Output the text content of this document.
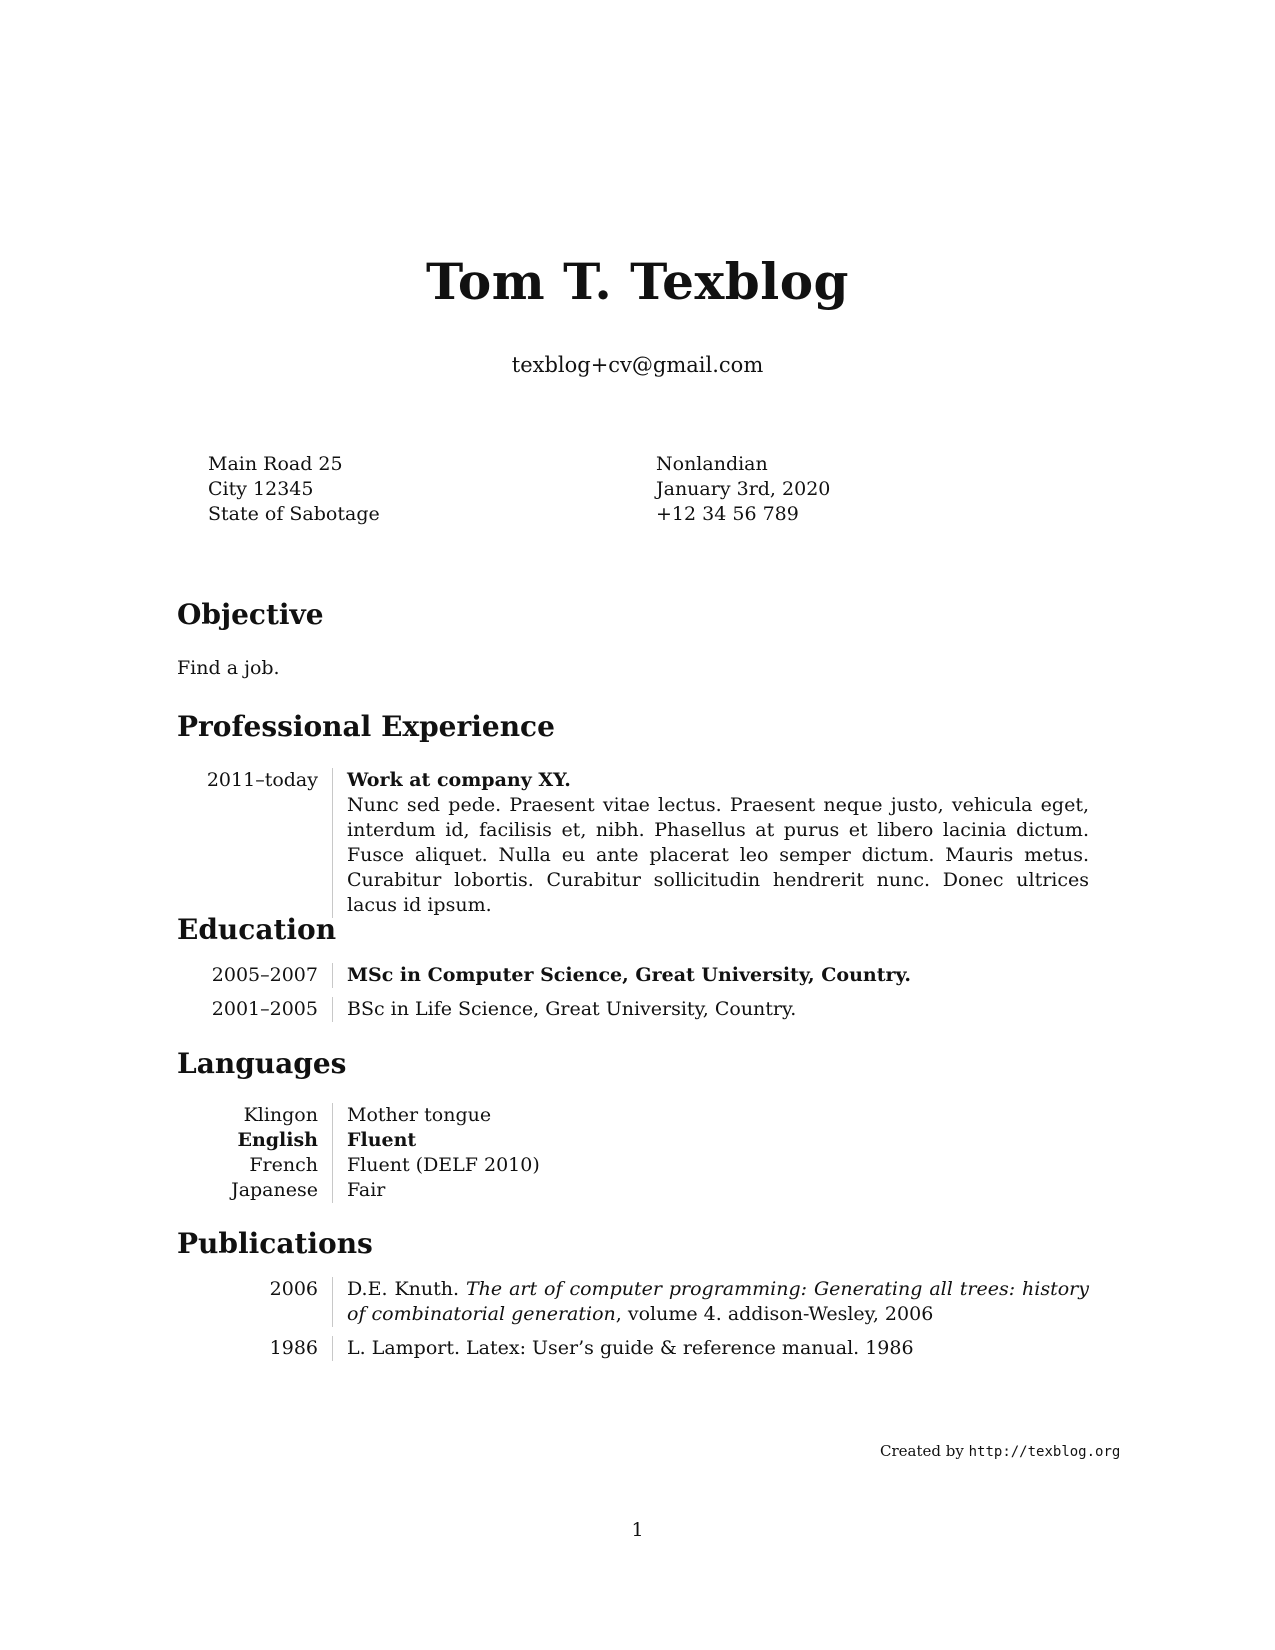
Tom T. Texblog
texblog+cv@gmail.com
Main Road 25
City 12345
State of Sabotage
Nonlandian
January 3rd, 2020
+12 34 56 789
Objective
Find a job.
Professional Experience
2011–today Work at company XY.
Nunc sed pede. Praesent vitae lectus. Praesent neque justo, vehicula eget, interdum id, facilisis et, nibh. Phasellus at purus et libero lacinia dictum. Fusce aliquet. Nulla eu ante placerat leo semper dictum. Mauris metus. Curabitur lobortis. Curabitur sollicitudin hendrerit nunc. Donec ultrices lacus id ipsum.
Education
2005–2007 MSc in Computer Science, Great University, Country.
2001–2005 BSc in Life Science, Great University, Country.
Languages
Klingon	Mother tongue
English	Fluent
French	Fluent (DELF 2010)
Japanese	Fair
Publications
2006	D.E. Knuth. The art of computer programming: Generating all trees: history of combinatorial generation, volume 4. addison-Wesley, 2006
1986	L. Lamport. Latex: User’s guide & reference manual. 1986
Created by http://texblog.org
1
